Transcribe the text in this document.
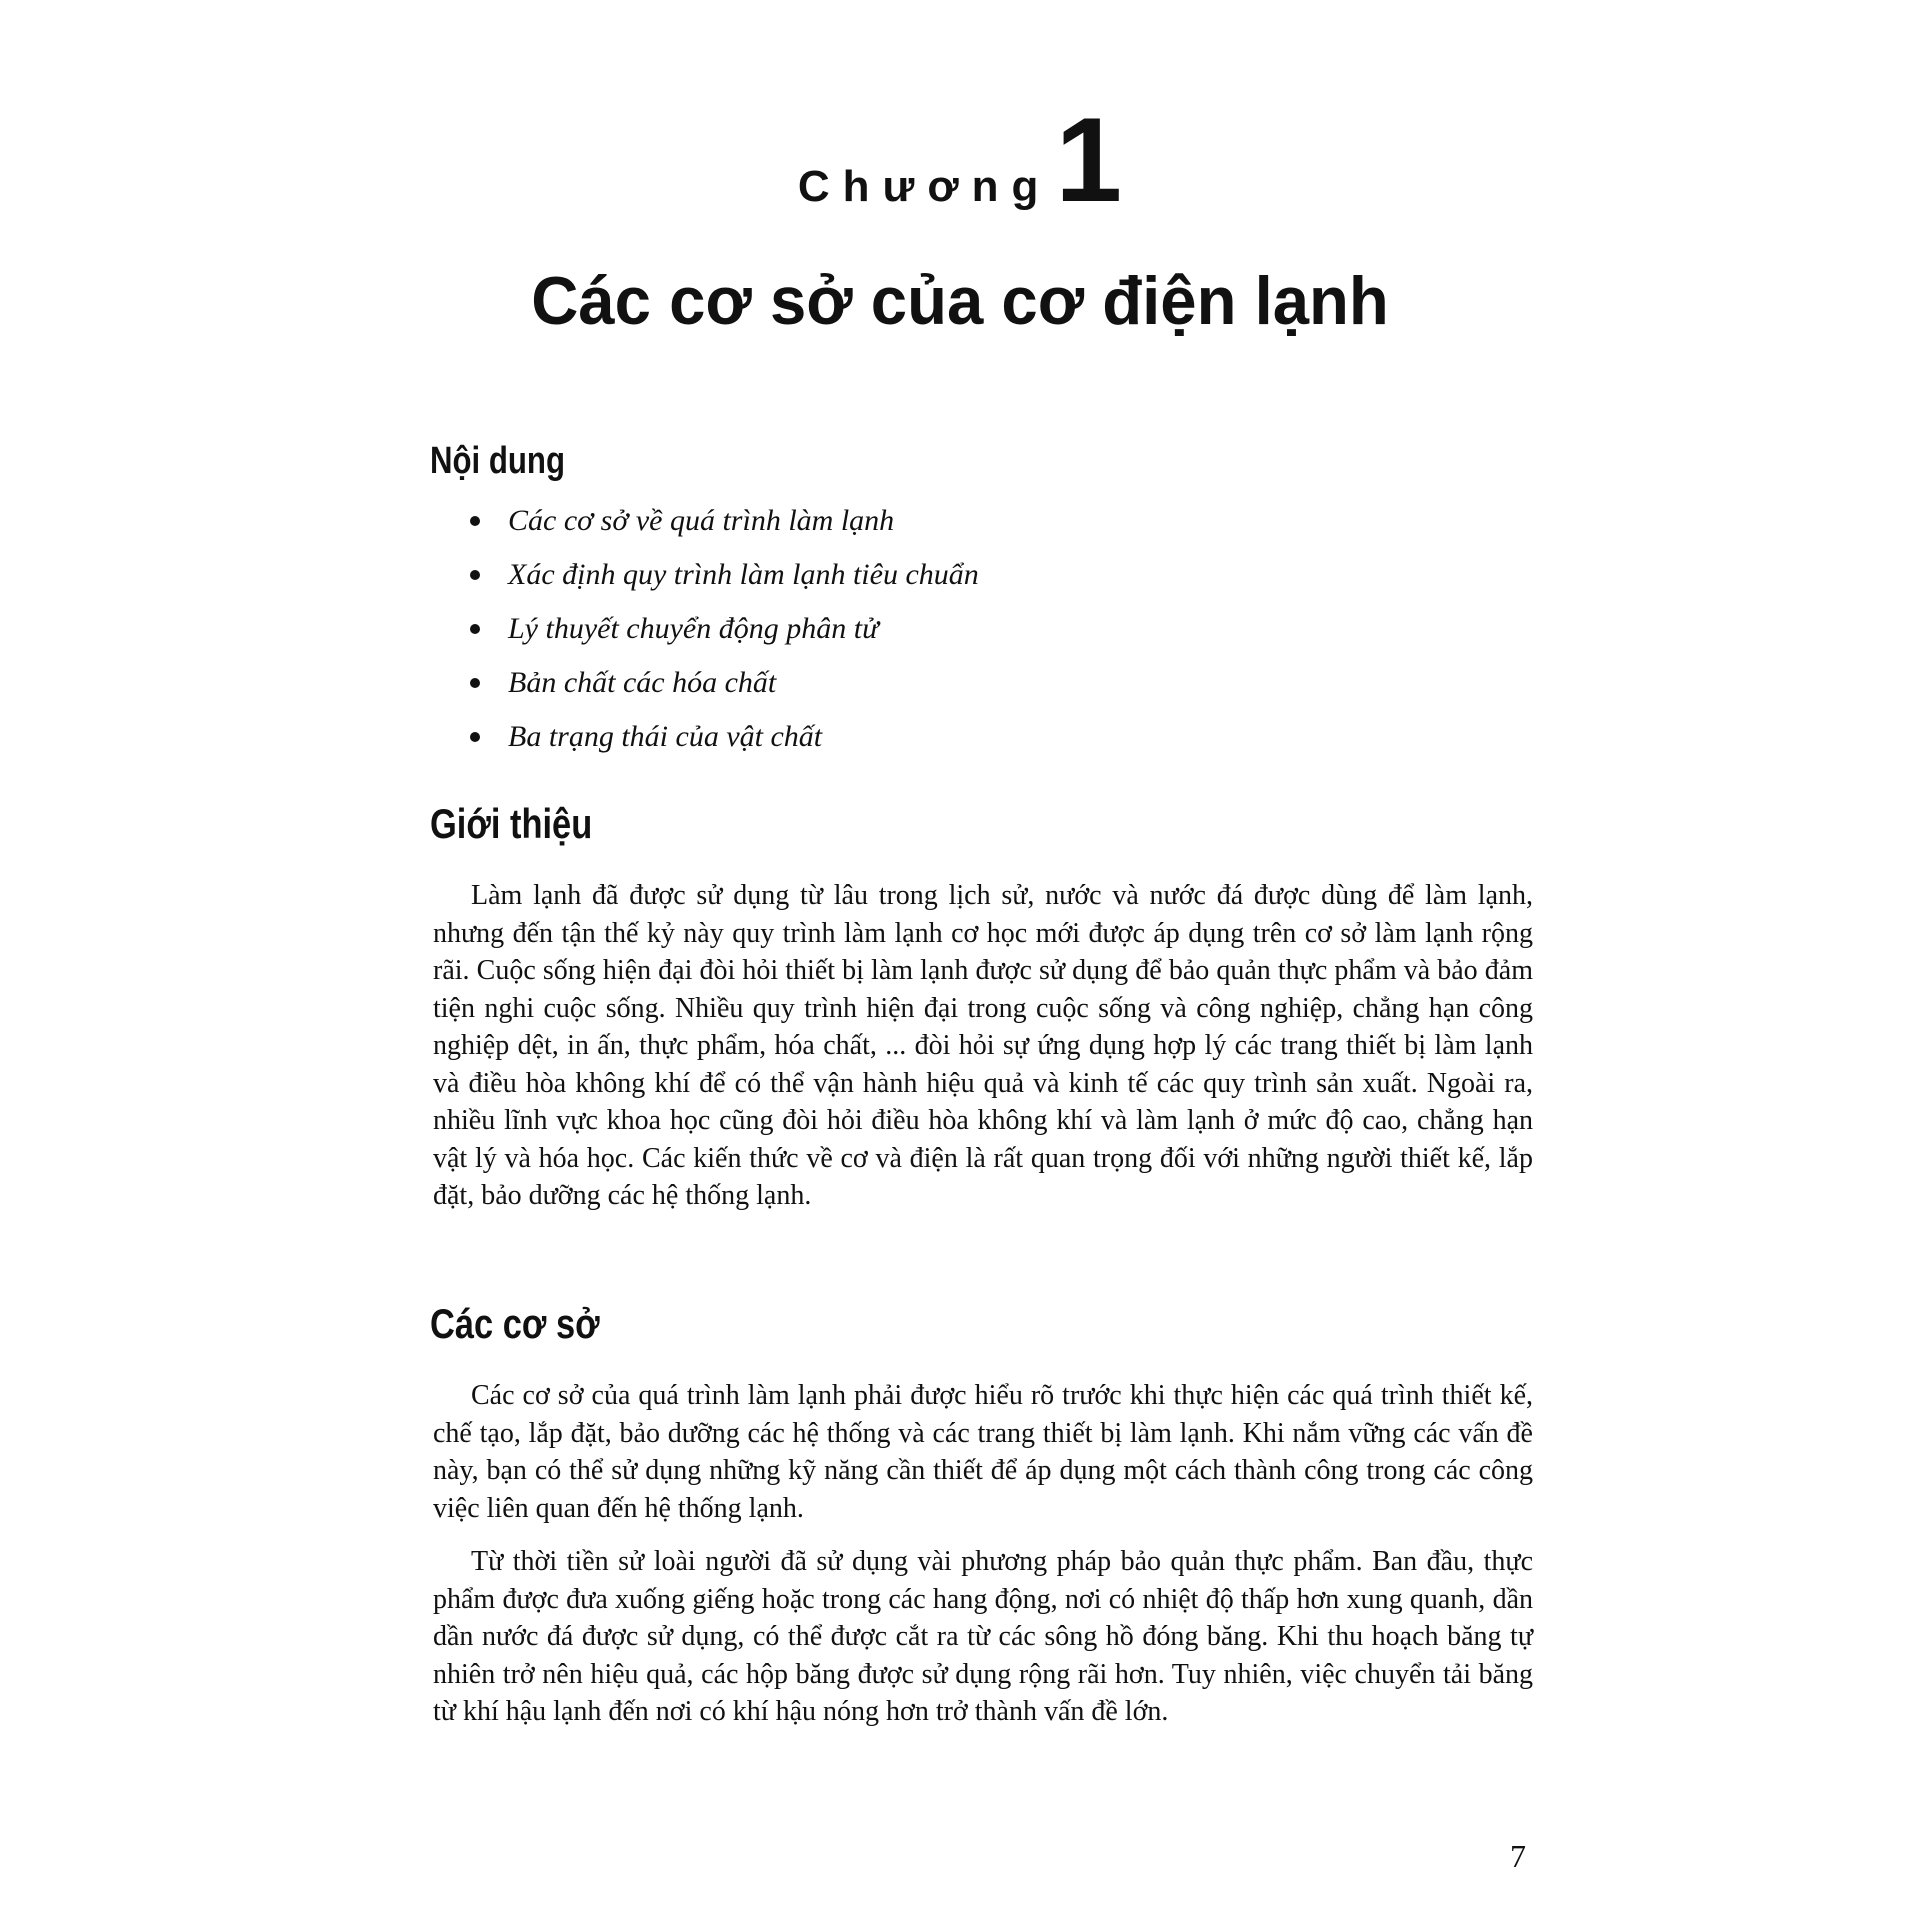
Chương1
Các cơ sở của cơ điện lạnh
Nội dung
Các cơ sở về quá trình làm lạnh
Xác định quy trình làm lạnh tiêu chuẩn
Lý thuyết chuyển động phân tử
Bản chất các hóa chất
Ba trạng thái của vật chất
Giới thiệu

Làm lạnh đã được sử dụng từ lâu trong lịch sử, nước và nước đá được dùng để làm lạnh, nhưng đến tận thế kỷ này quy trình làm lạnh cơ học mới được áp dụng trên cơ sở làm lạnh rộng rãi. Cuộc sống hiện đại đòi hỏi thiết bị làm lạnh được sử dụng để bảo quản thực phẩm và bảo đảm tiện nghi cuộc sống. Nhiều quy trình hiện đại trong cuộc sống và công nghiệp, chẳng hạn công nghiệp dệt, in ấn, thực phẩm, hóa chất, ... đòi hỏi sự ứng dụng hợp lý các trang thiết bị làm lạnh và điều hòa không khí để có thể vận hành hiệu quả và kinh tế các quy trình sản xuất. Ngoài ra, nhiều lĩnh vực khoa học cũng đòi hỏi điều hòa không khí và làm lạnh ở mức độ cao, chẳng hạn vật lý và hóa học. Các kiến thức về cơ và điện là rất quan trọng đối với những người thiết kế, lắp đặt, bảo dưỡng các hệ thống lạnh.

Các cơ sở

Các cơ sở của quá trình làm lạnh phải được hiểu rõ trước khi thực hiện các quá trình thiết kế, chế tạo, lắp đặt, bảo dưỡng các hệ thống và các trang thiết bị làm lạnh. Khi nắm vững các vấn đề này, bạn có thể sử dụng những kỹ năng cần thiết để áp dụng một cách thành công trong các công việc liên quan đến hệ thống lạnh.

Từ thời tiền sử loài người đã sử dụng vài phương pháp bảo quản thực phẩm. Ban đầu, thực phẩm được đưa xuống giếng hoặc trong các hang động, nơi có nhiệt độ thấp hơn xung quanh, dần dần nước đá được sử dụng, có thể được cắt ra từ các sông hồ đóng băng. Khi thu hoạch băng tự nhiên trở nên hiệu quả, các hộp băng được sử dụng rộng rãi hơn. Tuy nhiên, việc chuyển tải băng từ khí hậu lạnh đến nơi có khí hậu nóng hơn trở thành vấn đề lớn.

7
